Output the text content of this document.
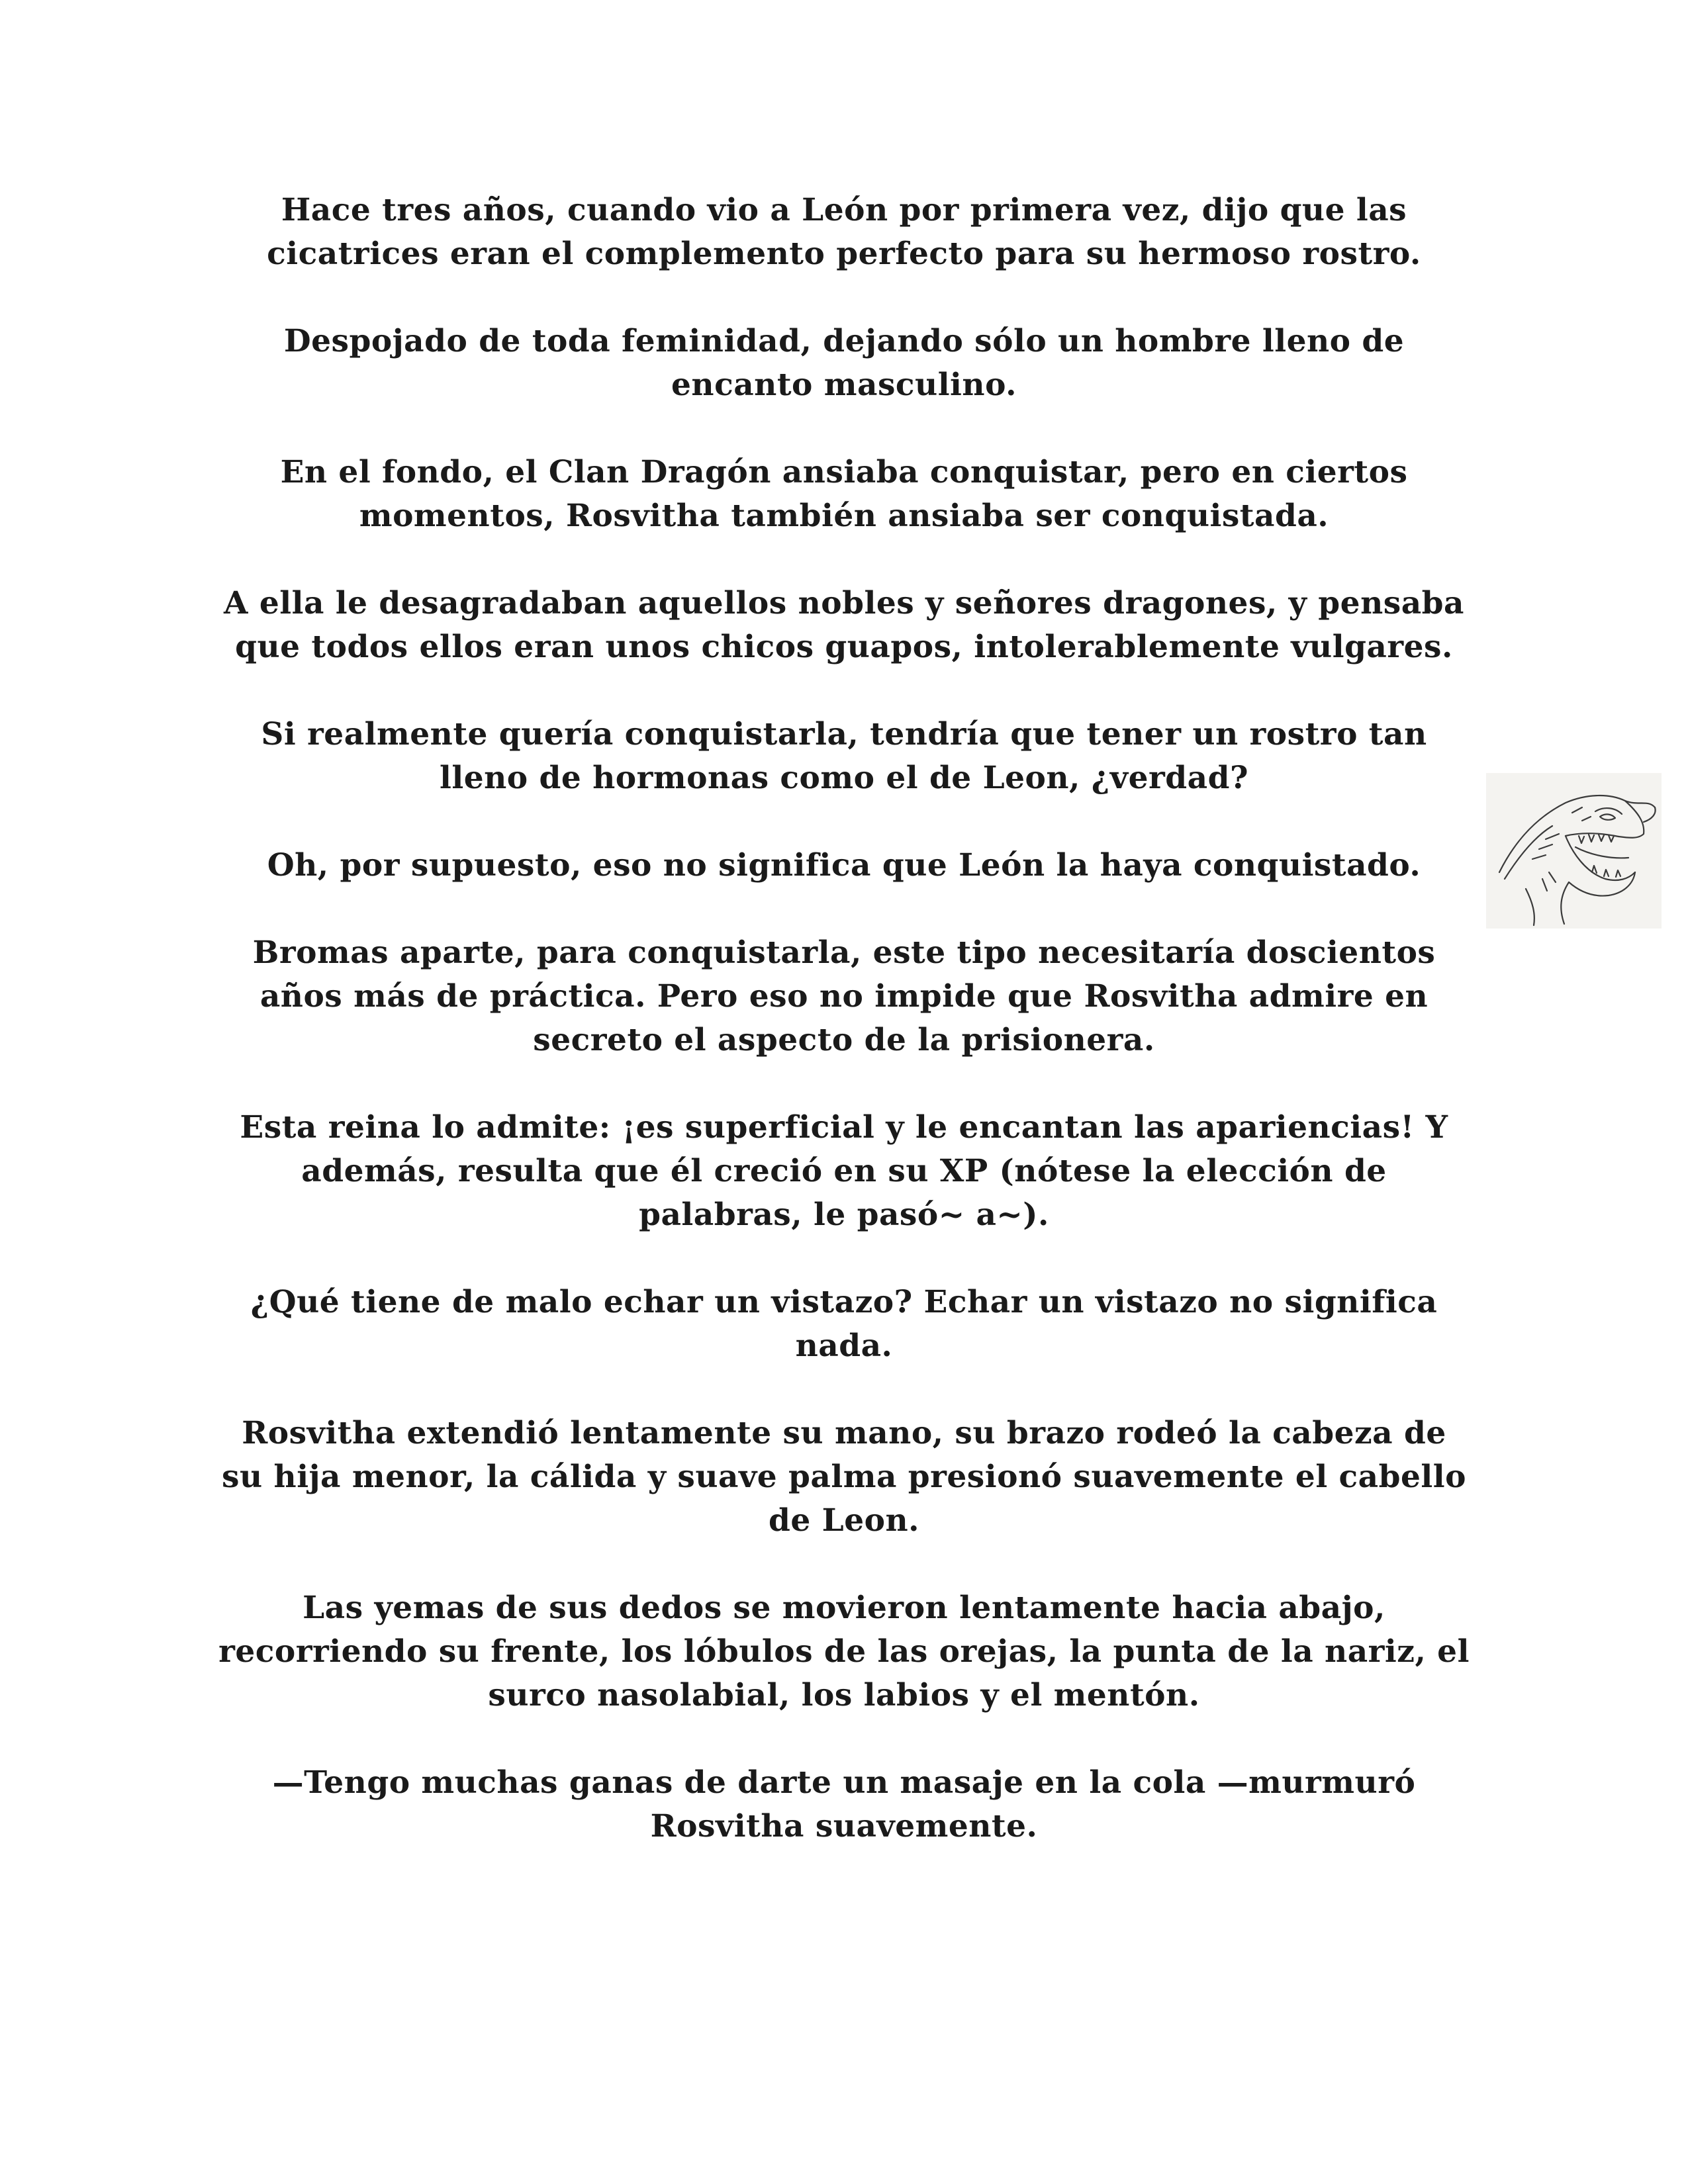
Hace tres años, cuando vio a León por primera vez, dijo que las cicatrices eran el complemento perfecto para su hermoso rostro.

Despojado de toda feminidad, dejando sólo un hombre lleno de encanto masculino.

En el fondo, el Clan Dragón ansiaba conquistar, pero en ciertos momentos, Rosvitha también ansiaba ser conquistada.

A ella le desagradaban aquellos nobles y señores dragones, y pensaba que todos ellos eran unos chicos guapos, intolerablemente vulgares.

Si realmente quería conquistarla, tendría que tener un rostro tan lleno de hormonas como el de Leon, ¿verdad?

Oh, por supuesto, eso no significa que León la haya conquistado.

Bromas aparte, para conquistarla, este tipo necesitaría doscientos años más de práctica. Pero eso no impide que Rosvitha admire en secreto el aspecto de la prisionera.

Esta reina lo admite: ¡es superficial y le encantan las apariencias! Y además, resulta que él creció en su XP (nótese la elección de palabras, le pasó~ a~).

¿Qué tiene de malo echar un vistazo? Echar un vistazo no significa nada.

Rosvitha extendió lentamente su mano, su brazo rodeó la cabeza de su hija menor, la cálida y suave palma presionó suavemente el cabello de Leon.

Las yemas de sus dedos se movieron lentamente hacia abajo, recorriendo su frente, los lóbulos de las orejas, la punta de la nariz, el surco nasolabial, los labios y el mentón.

—Tengo muchas ganas de darte un masaje en la cola —murmuró Rosvitha suavemente.
